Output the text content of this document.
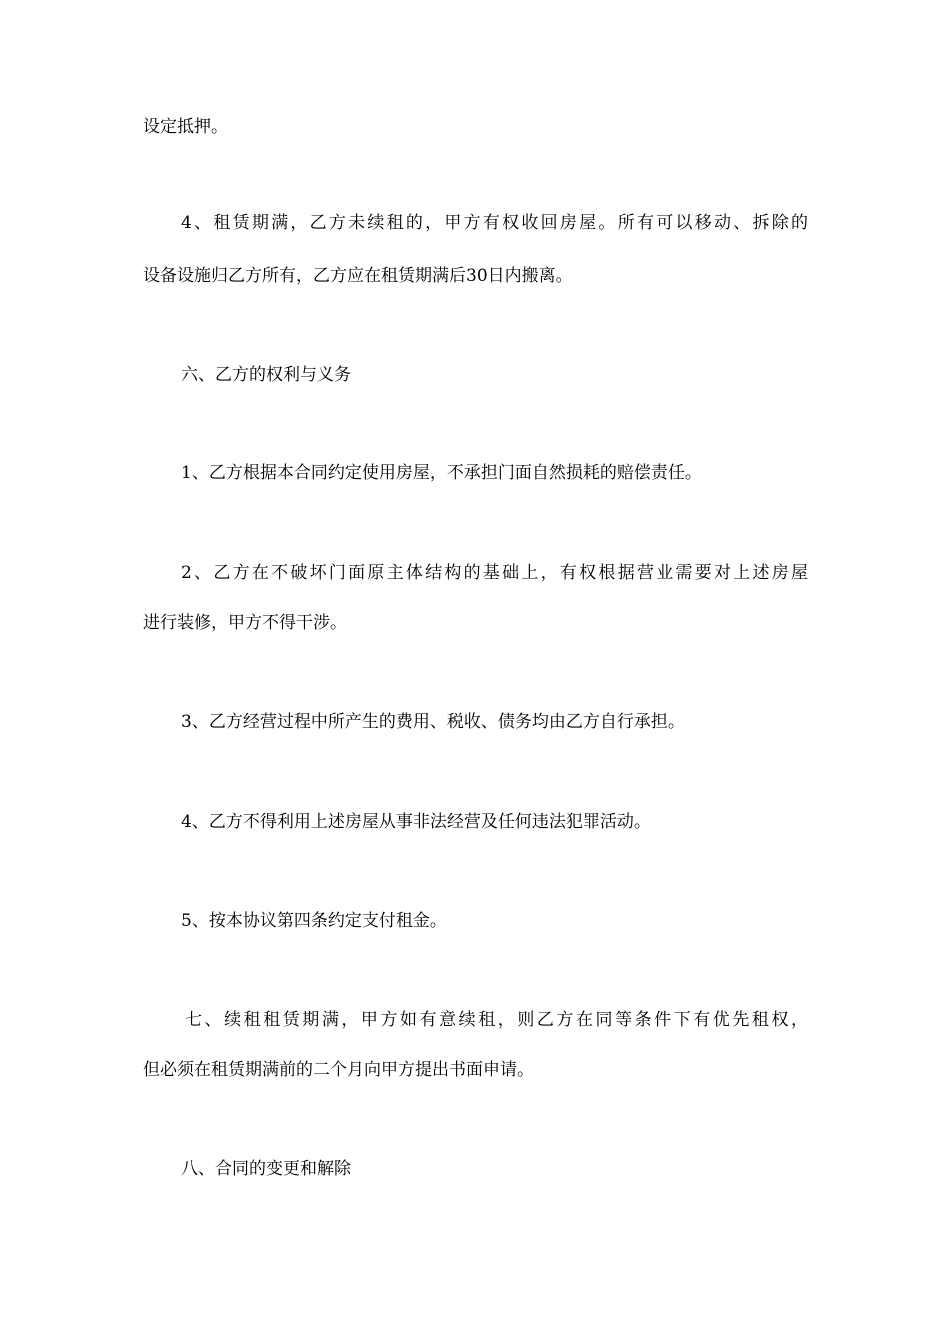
设定抵押。
4、租赁期满，乙方未续租的，甲方有权收回房屋。所有可以移动、拆除的
设备设施归乙方所有，乙方应在租赁期满后30日内搬离。
六、乙方的权利与义务
1、乙方根据本合同约定使用房屋，不承担门面自然损耗的赔偿责任。
2、乙方在不破坏门面原主体结构的基础上，有权根据营业需要对上述房屋
进行装修，甲方不得干涉。
3、乙方经营过程中所产生的费用、税收、债务均由乙方自行承担。
4、乙方不得利用上述房屋从事非法经营及任何违法犯罪活动。
5、按本协议第四条约定支付租金。
七、续租租赁期满，甲方如有意续租，则乙方在同等条件下有优先租权，
但必须在租赁期满前的二个月向甲方提出书面申请。
八、合同的变更和解除
